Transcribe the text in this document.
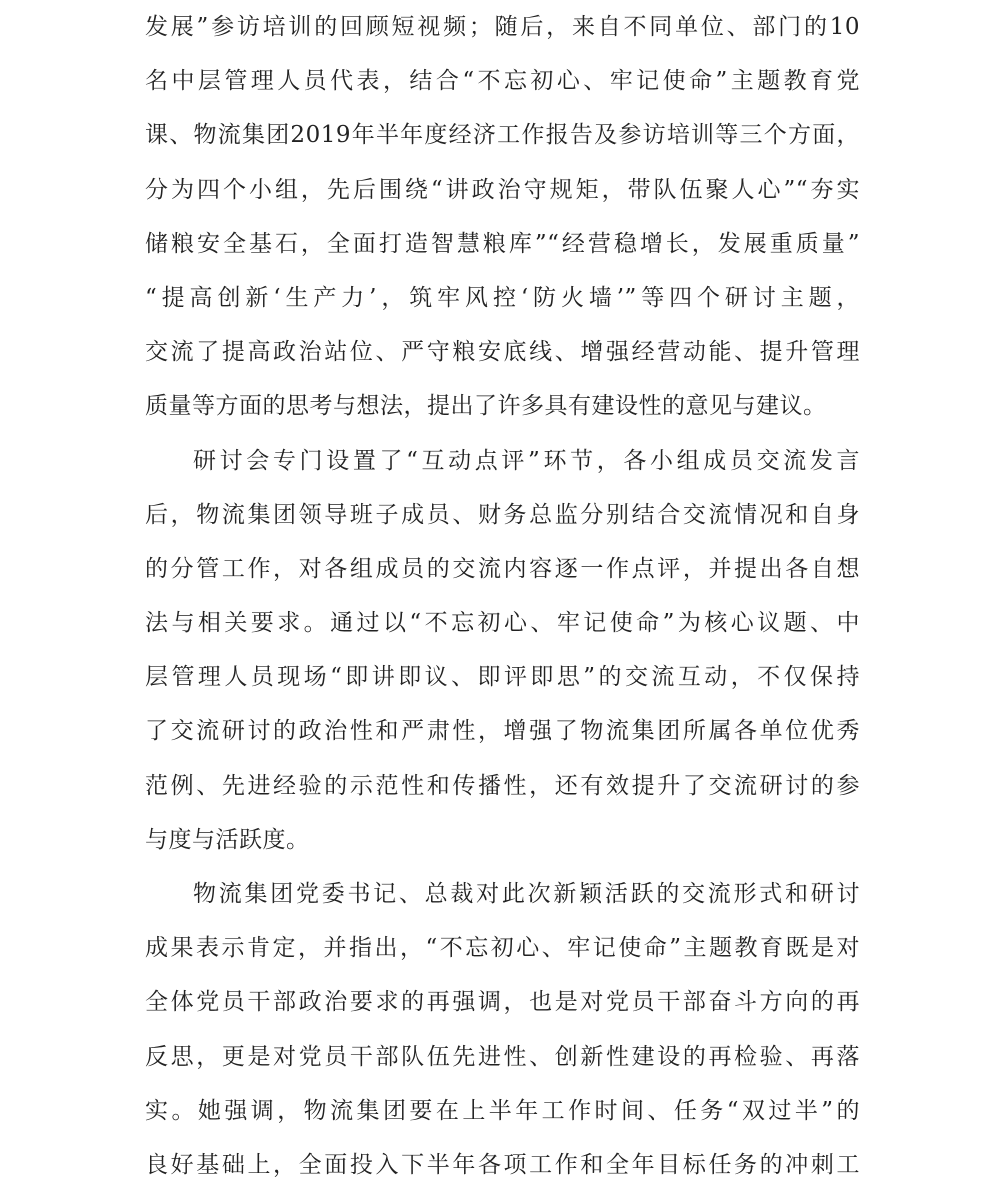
发展”参访培训的回顾短视频；随后，来自不同单位、部门的10
名中层管理人员代表，结合“不忘初心、牢记使命”主题教育党
课、物流集团2019年半年度经济工作报告及参访培训等三个方面，
分为四个小组，先后围绕“讲政治守规矩，带队伍聚人心”“夯实
储粮安全基石，全面打造智慧粮库”“经营稳增长，发展重质量”
“提高创新‘生产力’，筑牢风控‘防火墙’”等四个研讨主题，
交流了提高政治站位、严守粮安底线、增强经营动能、提升管理
质量等方面的思考与想法，提出了许多具有建设性的意见与建议。
研讨会专门设置了“互动点评”环节，各小组成员交流发言
后，物流集团领导班子成员、财务总监分别结合交流情况和自身
的分管工作，对各组成员的交流内容逐一作点评，并提出各自想
法与相关要求。通过以“不忘初心、牢记使命”为核心议题、中
层管理人员现场“即讲即议、即评即思”的交流互动，不仅保持
了交流研讨的政治性和严肃性，增强了物流集团所属各单位优秀
范例、先进经验的示范性和传播性，还有效提升了交流研讨的参
与度与活跃度。
物流集团党委书记、总裁对此次新颖活跃的交流形式和研讨
成果表示肯定，并指出，“不忘初心、牢记使命”主题教育既是对
全体党员干部政治要求的再强调，也是对党员干部奋斗方向的再
反思，更是对党员干部队伍先进性、创新性建设的再检验、再落
实。她强调，物流集团要在上半年工作时间、任务“双过半”的
良好基础上，全面投入下半年各项工作和全年目标任务的冲刺工
